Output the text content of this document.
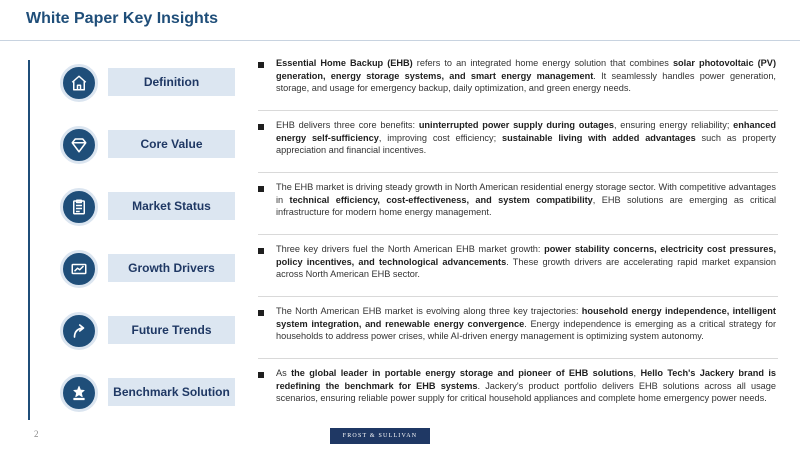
White Paper Key Insights
Definition
Essential Home Backup (EHB) refers to an integrated home energy solution that combines solar photovoltaic (PV) generation, energy storage systems, and smart energy management. It seamlessly handles power generation, storage, and usage for emergency backup, daily optimization, and green energy needs.
Core Value
EHB delivers three core benefits: uninterrupted power supply during outages, ensuring energy reliability; enhanced energy self-sufficiency, improving cost efficiency; sustainable living with added advantages such as property appreciation and financial incentives.
Market Status
The EHB market is driving steady growth in North American residential energy storage sector. With competitive advantages in technical efficiency, cost-effectiveness, and system compatibility, EHB solutions are emerging as critical infrastructure for modern home energy management.
Growth Drivers
Three key drivers fuel the North American EHB market growth: power stability concerns, electricity cost pressures, policy incentives, and technological advancements. These growth drivers are accelerating rapid market expansion across North American EHB sector.
Future Trends
The North American EHB market is evolving along three key trajectories: household energy independence, intelligent system integration, and renewable energy convergence. Energy independence is emerging as a critical strategy for households to address power crises, while AI-driven energy management is optimizing system autonomy.
Benchmark Solution
As the global leader in portable energy storage and pioneer of EHB solutions, Hello Tech's Jackery brand is redefining the benchmark for EHB systems. Jackery's product portfolio delivers EHB solutions across all usage scenarios, ensuring reliable power supply for critical household appliances and complete home emergency power needs.
2	FROST & SULLIVAN
